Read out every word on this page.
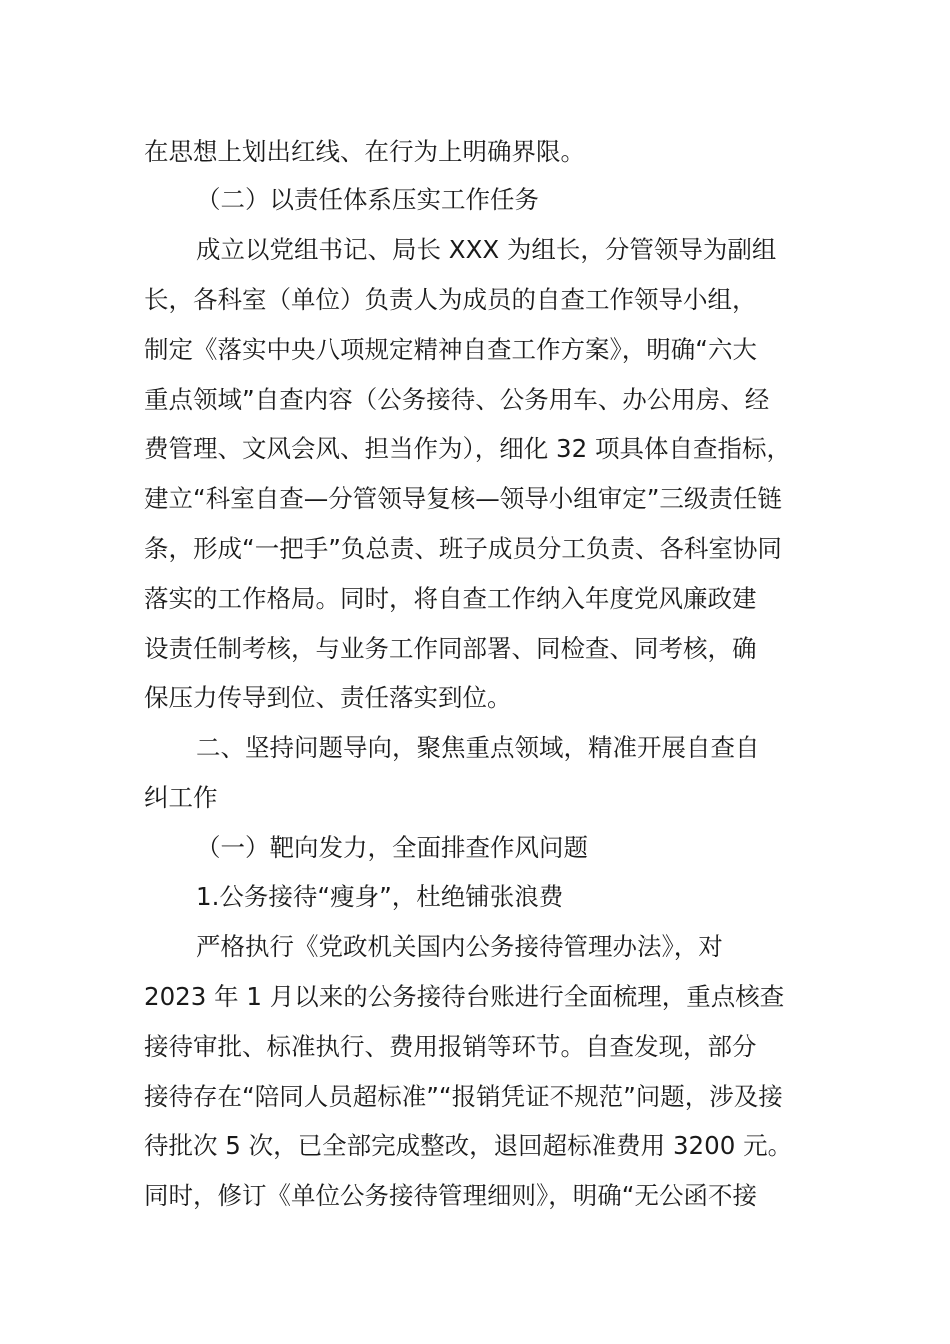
在思想上划出红线、在行为上明确界限。
（二）以责任体系压实工作任务
成立以党组书记、局长 XXX 为组长，分管领导为副组
长，各科室（单位）负责人为成员的自查工作领导小组，
制定《落实中央八项规定精神自查工作方案》，明确“六大
重点领域”自查内容（公务接待、公务用车、办公用房、经
费管理、文风会风、担当作为），细化 32 项具体自查指标，
建立“科室自查—分管领导复核—领导小组审定”三级责任链
条，形成“一把手”负总责、班子成员分工负责、各科室协同
落实的工作格局。同时，将自查工作纳入年度党风廉政建
设责任制考核，与业务工作同部署、同检查、同考核，确
保压力传导到位、责任落实到位。
二、坚持问题导向，聚焦重点领域，精准开展自查自
纠工作
（一）靶向发力，全面排查作风问题
1.公务接待“瘦身”，杜绝铺张浪费
严格执行《党政机关国内公务接待管理办法》，对
2023 年 1 月以来的公务接待台账进行全面梳理，重点核查
接待审批、标准执行、费用报销等环节。自查发现，部分
接待存在“陪同人员超标准”“报销凭证不规范”问题，涉及接
待批次 5 次，已全部完成整改，退回超标准费用 3200 元。
同时，修订《单位公务接待管理细则》，明确“无公函不接
